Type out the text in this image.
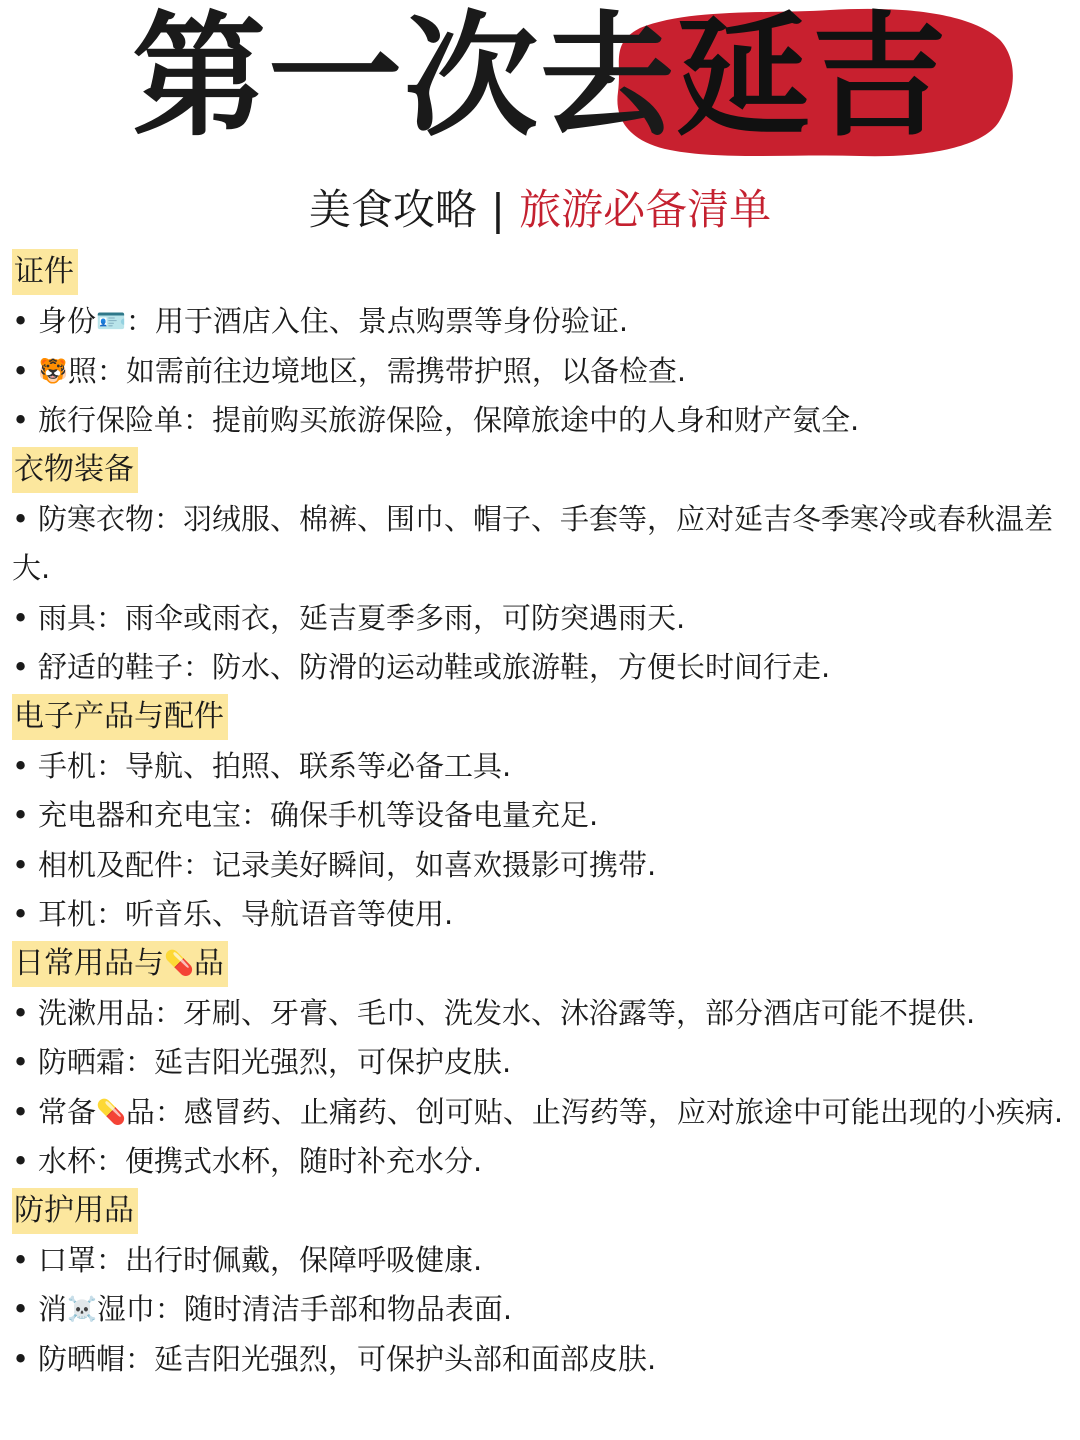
第一次去延吉
美食攻略 | 旅游必备清单
证件
• 身份🪪：用于酒店入住、景点购票等身份验证.
• 🐯照：如需前往边境地区，需携带护照，以备检查.
• 旅行保险单：提前购买旅游保险，保障旅途中的人身和财产氨全.
衣物装备
• 防寒衣物：羽绒服、棉裤、围巾、帽子、手套等，应对延吉冬季寒冷或春秋温差大.
• 雨具：雨伞或雨衣，延吉夏季多雨，可防突遇雨天.
• 舒适的鞋子：防水、防滑的运动鞋或旅游鞋，方便长时间行走.
电子产品与配件
• 手机：导航、拍照、联系等必备工具.
• 充电器和充电宝：确保手机等设备电量充足.
• 相机及配件：记录美好瞬间，如喜欢摄影可携带.
• 耳机：听音乐、导航语音等使用.
日常用品与💊品
• 洗漱用品：牙刷、牙膏、毛巾、洗发水、沐浴露等，部分酒店可能不提供.
• 防晒霜：延吉阳光强烈，可保护皮肤.
• 常备💊品：感冒药、止痛药、创可贴、止泻药等，应对旅途中可能出现的小疾病.
• 水杯：便携式水杯，随时补充水分.
防护用品
• 口罩：出行时佩戴，保障呼吸健康.
• 消☠️湿巾：随时清洁手部和物品表面.
• 防晒帽：延吉阳光强烈，可保护头部和面部皮肤.
